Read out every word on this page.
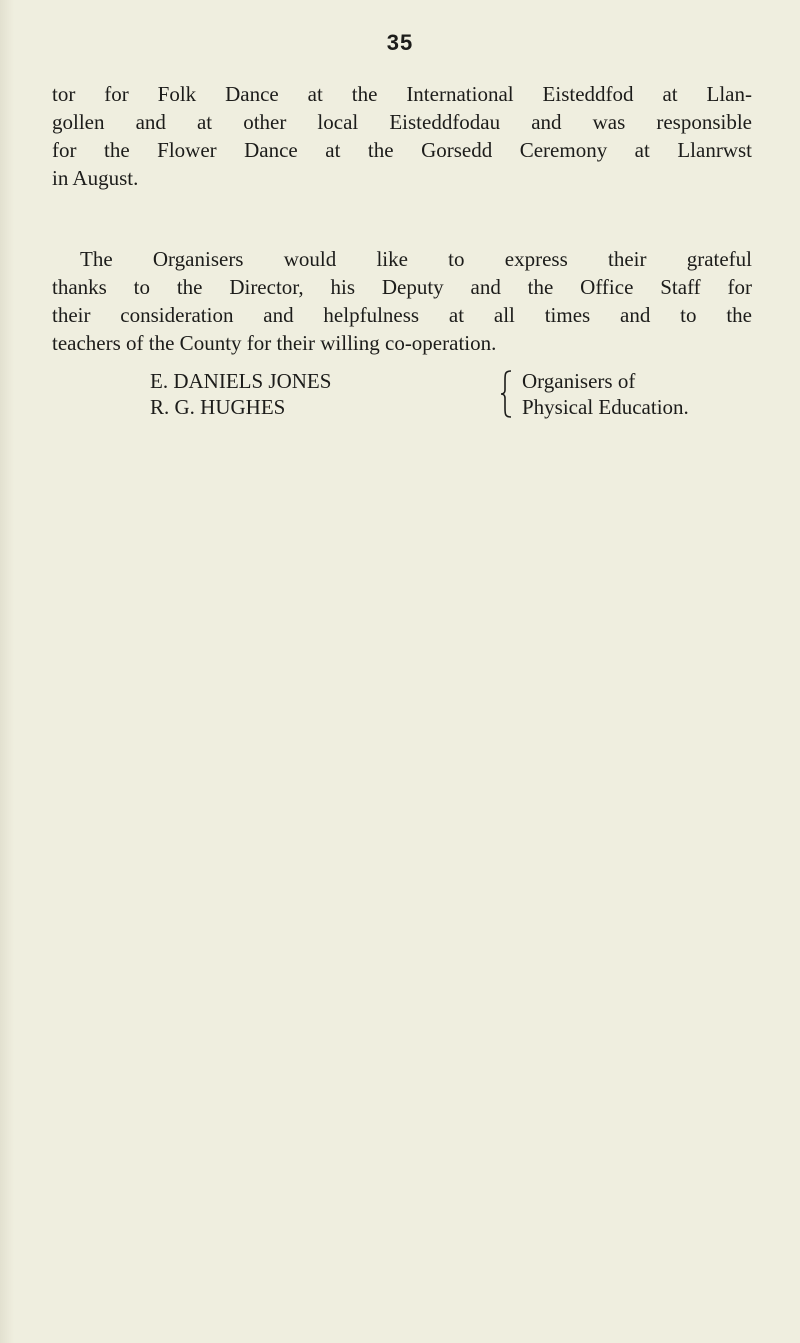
35

tor for Folk Dance at the International Eisteddfod at Llan-
gollen and at other local Eisteddfodau and was responsible
for the Flower Dance at the Gorsedd Ceremony at Llanrwst
in August.

The Organisers would like to express their grateful
thanks to the Director, his Deputy and the Office Staff for
their consideration and helpfulness at all times and to the
teachers of the County for their willing co-operation.

E. DANIELS JONES	Organisers of
R. G. HUGHES	Physical Education.
